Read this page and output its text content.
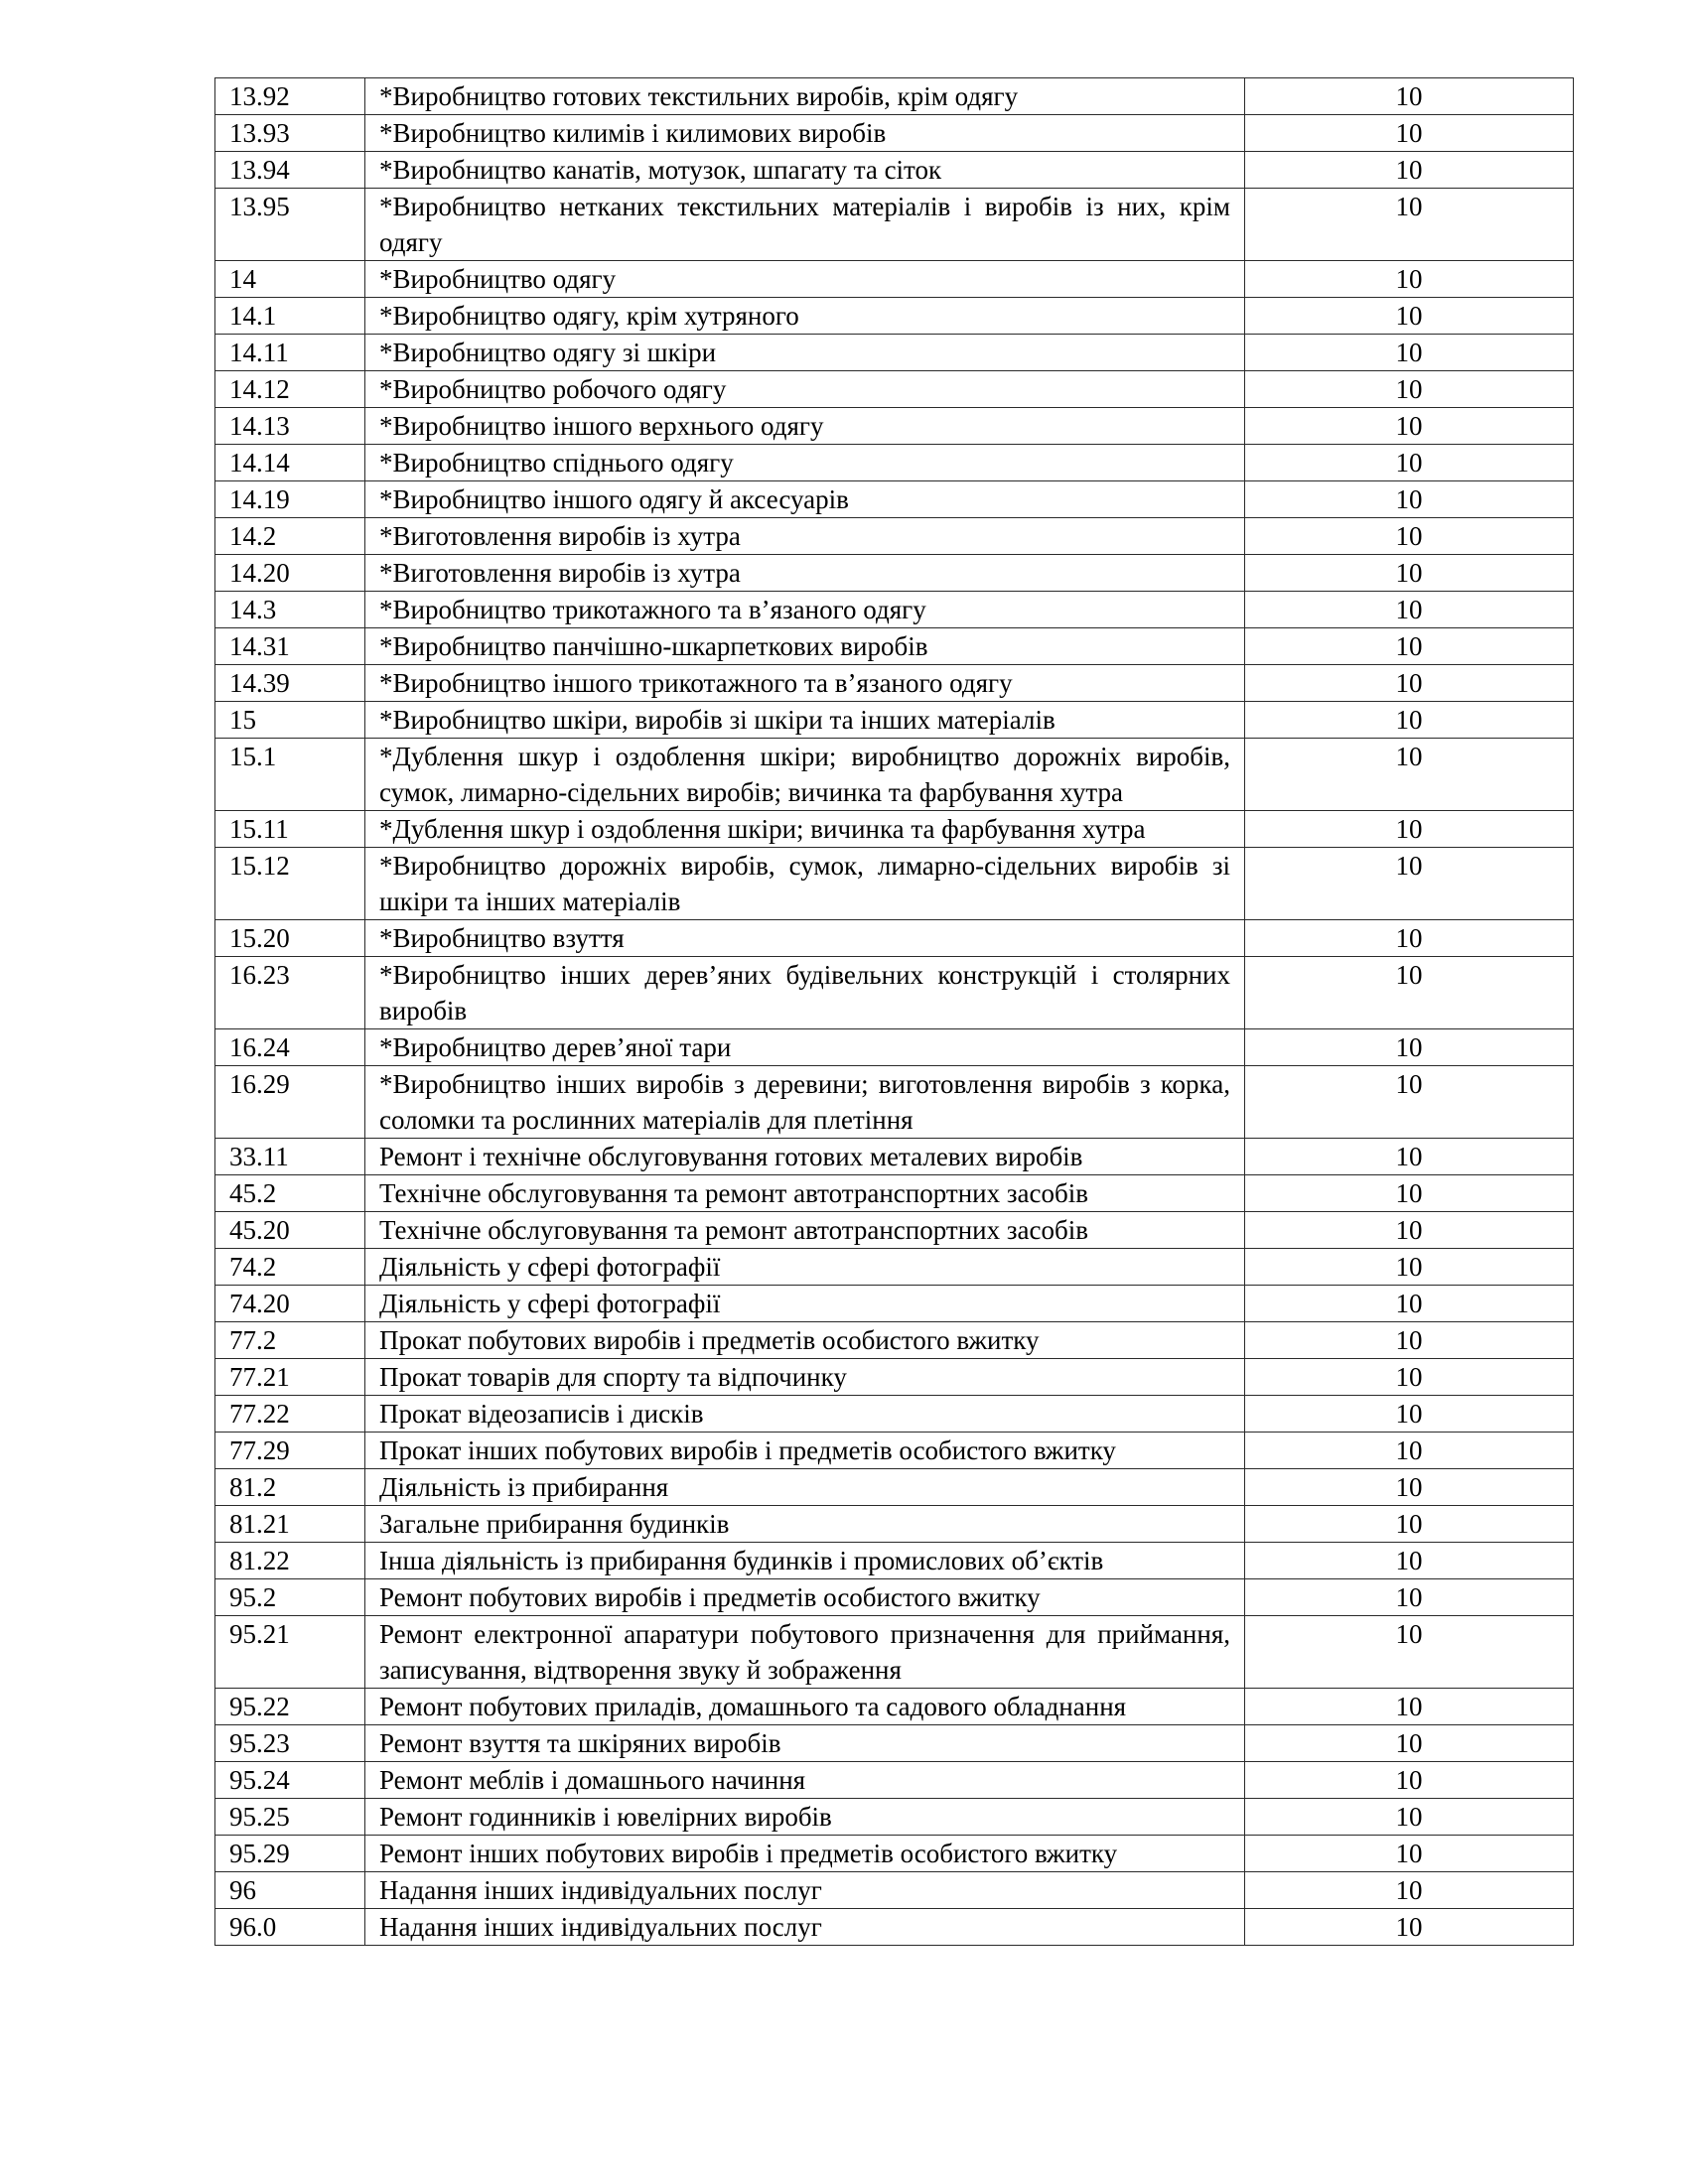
13.92	*Виробництво готових текстильних виробів, крім одягу	10
13.93	*Виробництво килимів і килимових виробів	10
13.94	*Виробництво канатів, мотузок, шпагату та сіток	10
13.95	*Виробництво нетканих текстильних матеріалів і виробів із них, крім одягу	10
14	*Виробництво одягу	10
14.1	*Виробництво одягу, крім хутряного	10
14.11	*Виробництво одягу зі шкіри	10
14.12	*Виробництво робочого одягу	10
14.13	*Виробництво іншого верхнього одягу	10
14.14	*Виробництво спіднього одягу	10
14.19	*Виробництво іншого одягу й аксесуарів	10
14.2	*Виготовлення виробів із хутра	10
14.20	*Виготовлення виробів із хутра	10
14.3	*Виробництво трикотажного та в’язаного одягу	10
14.31	*Виробництво панчішно-шкарпеткових виробів	10
14.39	*Виробництво іншого трикотажного та в’язаного одягу	10
15	*Виробництво шкіри, виробів зі шкіри та інших матеріалів	10
15.1	*Дублення шкур і оздоблення шкіри; виробництво дорожніх виробів, сумок, лимарно-сідельних виробів; вичинка та фарбування хутра	10
15.11	*Дублення шкур і оздоблення шкіри; вичинка та фарбування хутра	10
15.12	*Виробництво дорожніх виробів, сумок, лимарно-сідельних виробів зі шкіри та інших матеріалів	10
15.20	*Виробництво взуття	10
16.23	*Виробництво інших дерев’яних будівельних конструкцій і столярних виробів	10
16.24	*Виробництво дерев’яної тари	10
16.29	*Виробництво інших виробів з деревини; виготовлення виробів з корка, соломки та рослинних матеріалів для плетіння	10
33.11	Ремонт і технічне обслуговування готових металевих виробів	10
45.2	Технічне обслуговування та ремонт автотранспортних засобів	10
45.20	Технічне обслуговування та ремонт автотранспортних засобів	10
74.2	Діяльність у сфері фотографії	10
74.20	Діяльність у сфері фотографії	10
77.2	Прокат побутових виробів і предметів особистого вжитку	10
77.21	Прокат товарів для спорту та відпочинку	10
77.22	Прокат відеозаписів і дисків	10
77.29	Прокат інших побутових виробів і предметів особистого вжитку	10
81.2	Діяльність із прибирання	10
81.21	Загальне прибирання будинків	10
81.22	Інша діяльність із прибирання будинків і промислових об’єктів	10
95.2	Ремонт побутових виробів і предметів особистого вжитку	10
95.21	Ремонт електронної апаратури побутового призначення для приймання, записування, відтворення звуку й зображення	10
95.22	Ремонт побутових приладів, домашнього та садового обладнання	10
95.23	Ремонт взуття та шкіряних виробів	10
95.24	Ремонт меблів і домашнього начиння	10
95.25	Ремонт годинників і ювелірних виробів	10
95.29	Ремонт інших побутових виробів і предметів особистого вжитку	10
96	Надання інших індивідуальних послуг	10
96.0	Надання інших індивідуальних послуг	10
